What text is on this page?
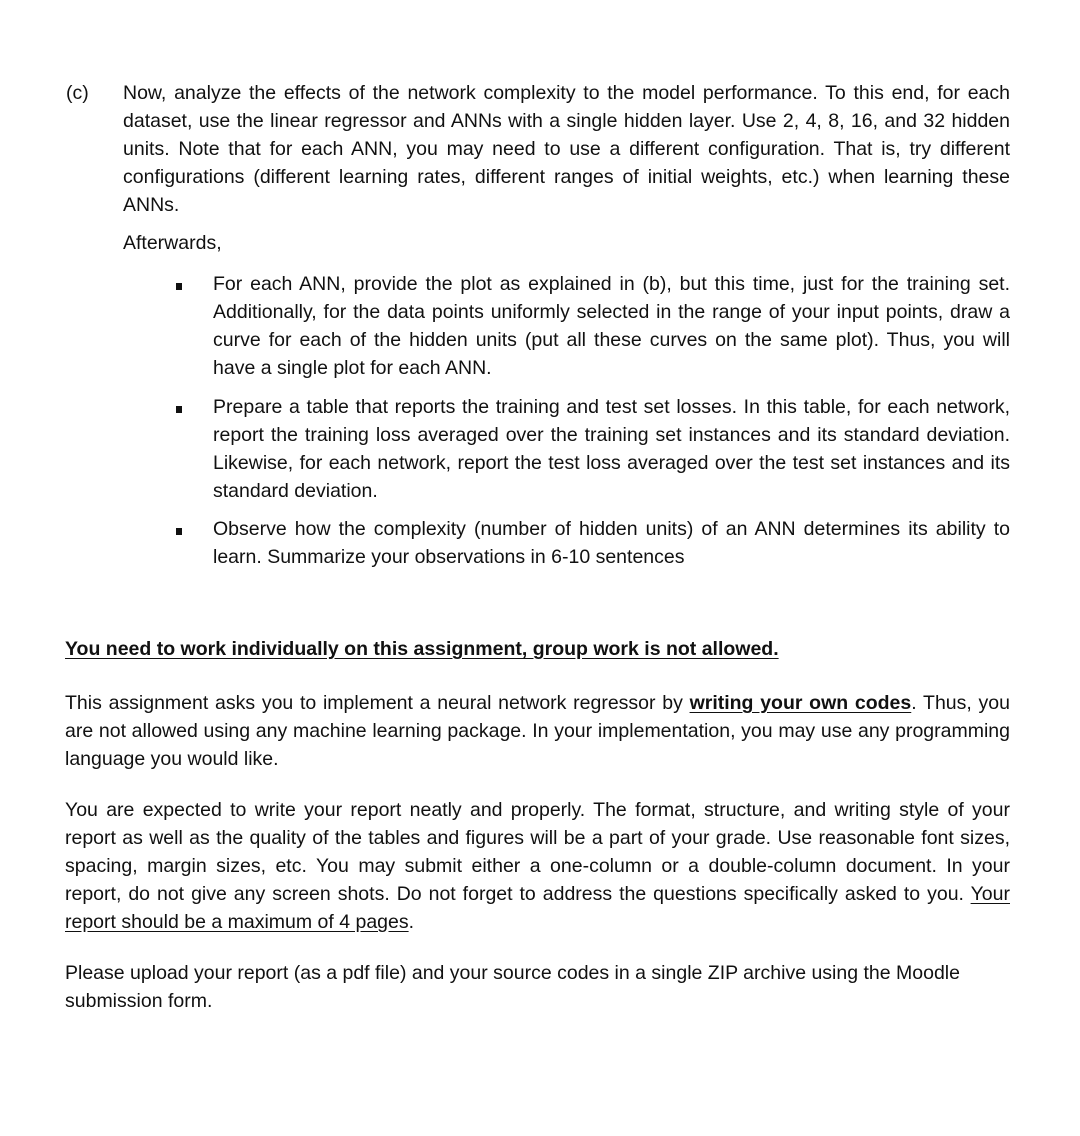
(c) Now, analyze the effects of the network complexity to the model performance. To this end, for each dataset, use the linear regressor and ANNs with a single hidden layer. Use 2, 4, 8, 16, and 32 hidden units. Note that for each ANN, you may need to use a different configuration. That is, try different configurations (different learning rates, different ranges of initial weights, etc.) when learning these ANNs.

Afterwards,

For each ANN, provide the plot as explained in (b), but this time, just for the training set. Additionally, for the data points uniformly selected in the range of your input points, draw a curve for each of the hidden units (put all these curves on the same plot). Thus, you will have a single plot for each ANN.

Prepare a table that reports the training and test set losses. In this table, for each network, report the training loss averaged over the training set instances and its standard deviation. Likewise, for each network, report the test loss averaged over the test set instances and its standard deviation.

Observe how the complexity (number of hidden units) of an ANN determines its ability to learn. Summarize your observations in 6-10 sentences

You need to work individually on this assignment, group work is not allowed.

This assignment asks you to implement a neural network regressor by writing your own codes. Thus, you are not allowed using any machine learning package. In your implementation, you may use any programming language you would like.

You are expected to write your report neatly and properly. The format, structure, and writing style of your report as well as the quality of the tables and figures will be a part of your grade. Use reasonable font sizes, spacing, margin sizes, etc. You may submit either a one-column or a double-column document. In your report, do not give any screen shots. Do not forget to address the questions specifically asked to you. Your report should be a maximum of 4 pages.

Please upload your report (as a pdf file) and your source codes in a single ZIP archive using the Moodle submission form.
